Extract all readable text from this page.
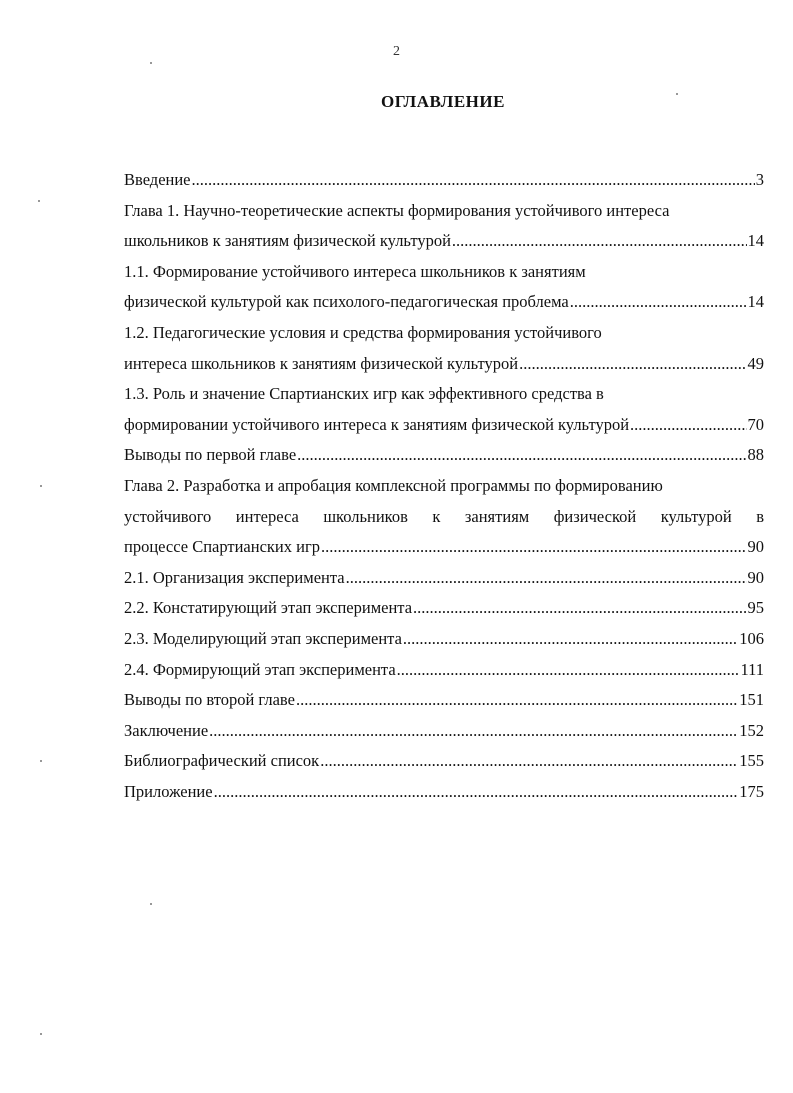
2
ОГЛАВЛЕНИЕ
Введение .....	3
Глава 1. Научно-теоретические аспекты формирования устойчивого интереса
школьников к занятиям физической культурой .....	14
1.1. Формирование устойчивого интереса школьников к занятиям
физической культурой как психолого-педагогическая проблема .....	14
1.2. Педагогические условия и средства формирования устойчивого
интереса школьников к занятиям физической культурой .....	49
1.3. Роль и значение Спартианских игр как эффективного средства в
формировании устойчивого интереса к занятиям физической культурой .....	70
Выводы по первой главе .....	88
Глава 2. Разработка и апробация комплексной программы по формированию
устойчивого интереса школьников к занятиям физической культурой в
процессе Спартианских игр .....	90
2.1. Организация эксперимента .....	90
2.2. Констатирующий этап эксперимента .....	95
2.3. Моделирующий этап эксперимента .....	106
2.4. Формирующий этап эксперимента .....	111
Выводы по второй главе .....	151
Заключение .....	152
Библиографический список .....	155
Приложение .....	175
